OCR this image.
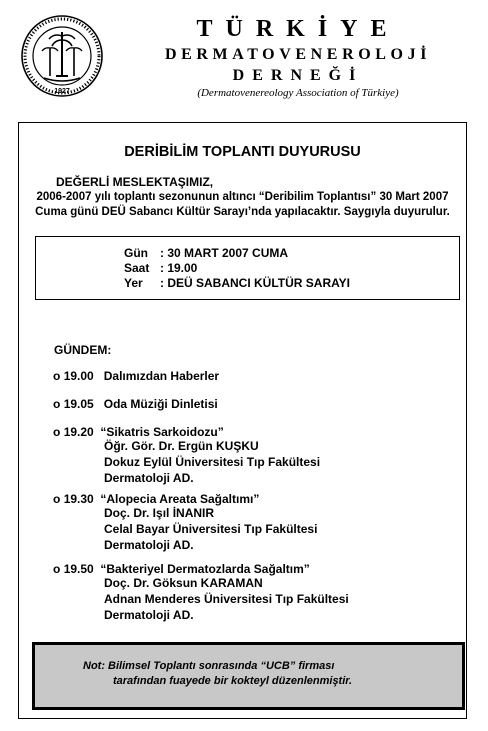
1927
TÜRKİYE
DERMATOVENEROLOJİ
DERNEĞİ
(Dermatovenereology Association of Türkiye)
DERİBİLİM TOPLANTI DUYURUSU
DEĞERLİ MESLEKTAŞIMIZ,
2006-2007 yılı toplantı sezonunun altıncı “Deribilim Toplantısı” 30 Mart 2007
Cuma günü DEÜ Sabancı Kültür Sarayı’nda yapılacaktır. Saygıyla duyurulur.
Gün : 30 MART 2007 CUMA
Saat : 19.00
Yer : DEÜ SABANCI KÜLTÜR SARAYI
GÜNDEM:
o 19.00 Dalımızdan Haberler
o 19.05 Oda Müziği Dinletisi
o 19.20 “Sikatris Sarkoidozu”
Öğr. Gör. Dr. Ergün KUŞKU
Dokuz Eylül Üniversitesi Tıp Fakültesi
Dermatoloji AD.
o 19.30 “Alopecia Areata Sağaltımı”
Doç. Dr. Işıl İNANIR
Celal Bayar Üniversitesi Tıp Fakültesi
Dermatoloji AD.
o 19.50 “Bakteriyel Dermatozlarda Sağaltım”
Doç. Dr. Göksun KARAMAN
Adnan Menderes Üniversitesi Tıp Fakültesi
Dermatoloji AD.
Not: Bilimsel Toplantı sonrasında “UCB” firması
tarafından fuayede bir kokteyl düzenlenmiştir.
